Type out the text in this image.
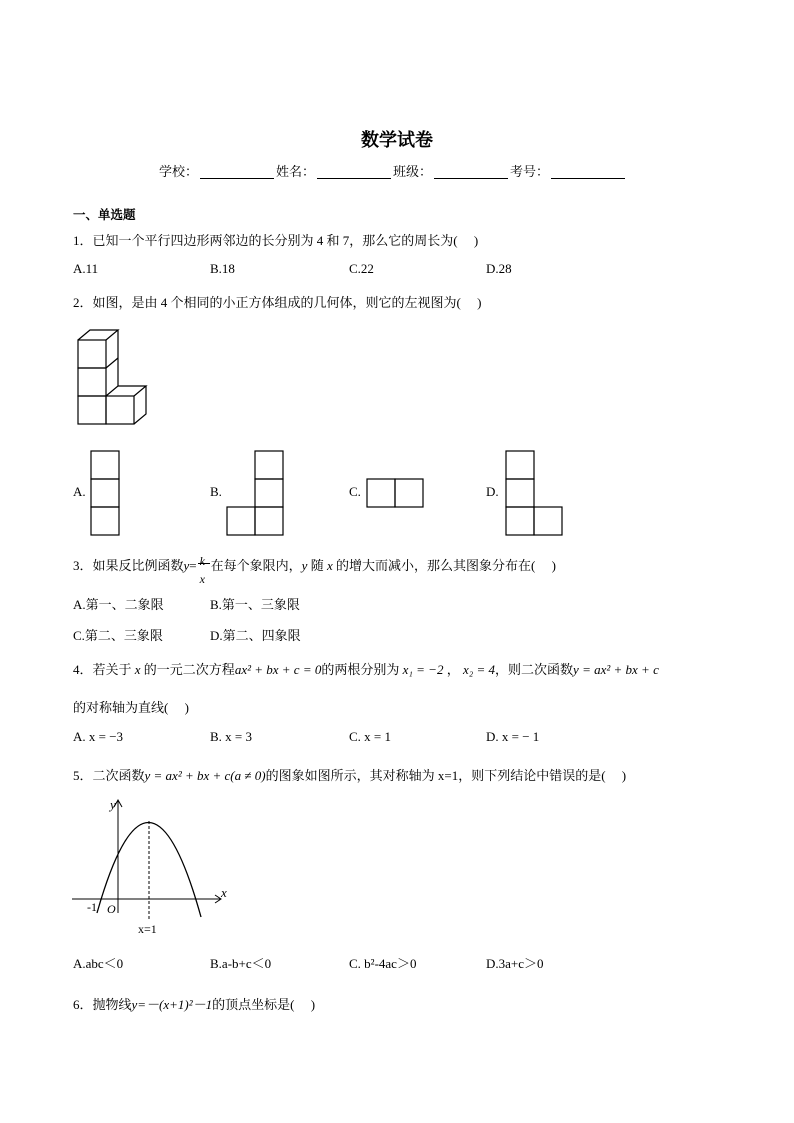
数学试卷
学校：	姓名：	班级：	考号：
一、单选题
1．已知一个平行四边形两邻边的长分别为 4 和 7，那么它的周长为(　 )
A.11	B.18	C.22	D.28
2．如图，是由 4 个相同的小正方体组成的几何体，则它的左视图为(　 )
A.	B.	C.	D.
3．如果反比例函数y= k
x
在每个象限内，y 随 x 的增大而减小，那么其图象分布在(　 )
A.第一、二象限	B.第一、三象限
C.第二、三象限	D.第二、四象限
4．若关于 x 的一元二次方程ax² + bx + c = 0的两根分别为 x₁ = −2 ， x₂ = 4，则二次函数y = ax² + bx + c
的对称轴为直线(　 )
A. x = −3	B. x = 3	C. x = 1	D. x = − 1
5．二次函数y = ax² + bx + c(a ≠ 0)的图象如图所示，其对称轴为 x=1，则下列结论中错误的是(　 )
y
x
O
-1
x=1
A.abc＜0	B.a-b+c＜0	C. b²-4ac＞0	D.3a+c＞0
6．抛物线y=－(x+1)²－1的顶点坐标是(　 )
